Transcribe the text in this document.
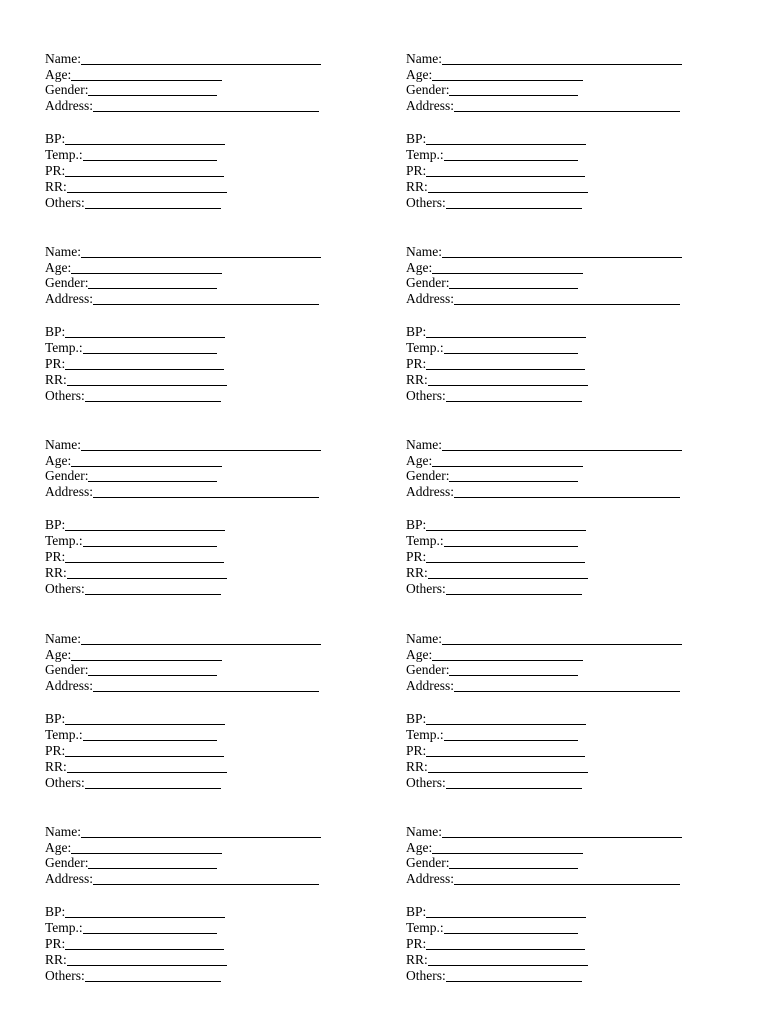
Name:
Age:
Gender:
Address:
BP:
Temp.:
PR:
RR:
Others:
Name:
Age:
Gender:
Address:
BP:
Temp.:
PR:
RR:
Others:
Name:
Age:
Gender:
Address:
BP:
Temp.:
PR:
RR:
Others:
Name:
Age:
Gender:
Address:
BP:
Temp.:
PR:
RR:
Others:
Name:
Age:
Gender:
Address:
BP:
Temp.:
PR:
RR:
Others:
Name:
Age:
Gender:
Address:
BP:
Temp.:
PR:
RR:
Others:
Name:
Age:
Gender:
Address:
BP:
Temp.:
PR:
RR:
Others:
Name:
Age:
Gender:
Address:
BP:
Temp.:
PR:
RR:
Others:
Name:
Age:
Gender:
Address:
BP:
Temp.:
PR:
RR:
Others:
Name:
Age:
Gender:
Address:
BP:
Temp.:
PR:
RR:
Others:
